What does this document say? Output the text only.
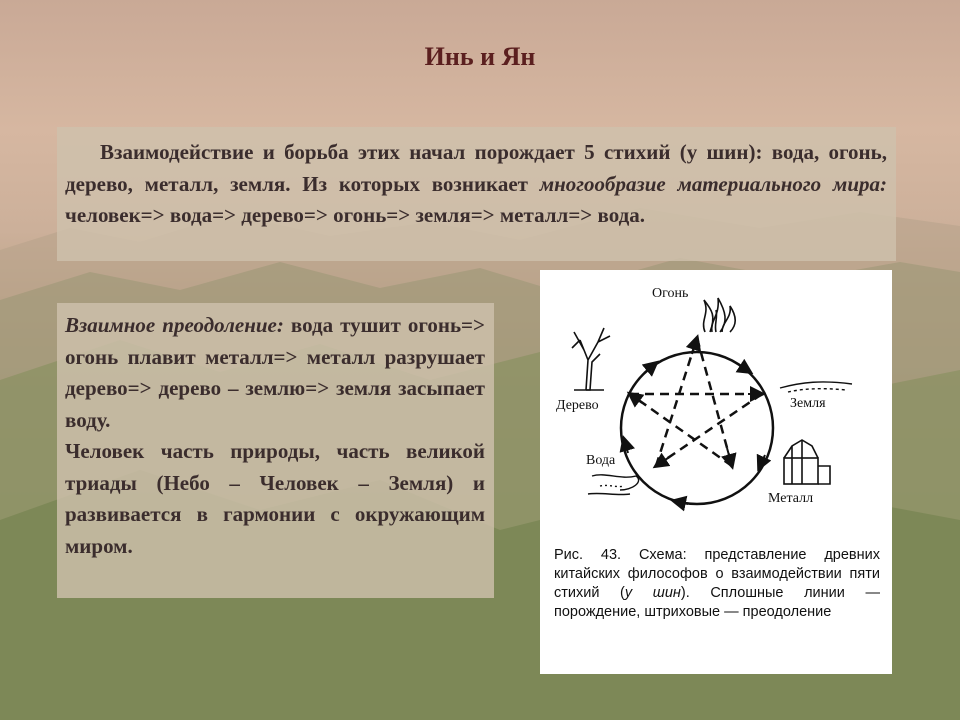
Инь и Ян
Взаимодействие и борьба этих начал порождает 5 стихий (у шин): вода, огонь, дерево, металл, земля. Из которых возникает многообразие материального мира: человек=> вода=> дерево=> огонь=> земля=> металл=> вода.

Взаимное преодоление: вода тушит огонь=> огонь плавит металл=> металл разрушает дерево=> дерево – землю=> земля засыпает воду.

Человек часть природы, часть великой триады (Небо – Человек – Земля) и развивается в гармонии с окружающим миром.

Огонь
Земля
Металл
Вода
Дерево
Рис. 43. Схема: представление древних китайских философов о взаимодействии пяти стихий (у шин). Сплошные линии — порождение, штриховые — преодоление
